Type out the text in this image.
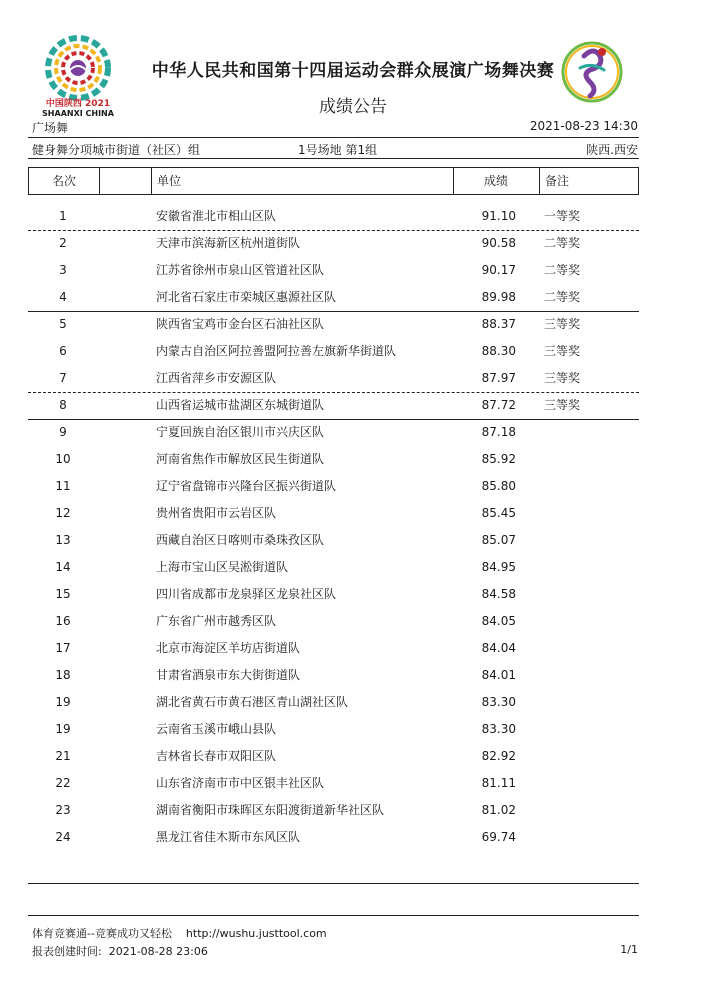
中国陕西 2021
SHAANXI CHINA
中华人民共和国第十四届运动会群众展演广场舞决赛
成绩公告
广场舞	2021-08-23 14:30
健身舞分项城市街道（社区）组	1号场地 第1组	陕西.西安
名次	单位	成绩	备注
1	安徽省淮北市相山区队	91.10 一等奖
2	天津市滨海新区杭州道街队	90.58 二等奖
3	江苏省徐州市泉山区管道社区队	90.17 二等奖
4	河北省石家庄市栾城区惠源社区队	89.98 二等奖
5	陕西省宝鸡市金台区石油社区队	88.37 三等奖
6	内蒙古自治区阿拉善盟阿拉善左旗新华街道队	88.30 三等奖
7	江西省萍乡市安源区队	87.97 三等奖
8	山西省运城市盐湖区东城街道队	87.72 三等奖
9	宁夏回族自治区银川市兴庆区队	87.18
10	河南省焦作市解放区民生街道队	85.92
11	辽宁省盘锦市兴隆台区振兴街道队	85.80
12	贵州省贵阳市云岩区队	85.45
13	西藏自治区日喀则市桑珠孜区队	85.07
14	上海市宝山区吴淞街道队	84.95
15	四川省成都市龙泉驿区龙泉社区队	84.58
16	广东省广州市越秀区队	84.05
17	北京市海淀区羊坊店街道队	84.04
18	甘肃省酒泉市东大街街道队	84.01
19	湖北省黄石市黄石港区青山湖社区队	83.30
19	云南省玉溪市峨山县队	83.30
21	吉林省长春市双阳区队	82.92
22	山东省济南市市中区银丰社区队	81.11
23	湖南省衡阳市珠晖区东阳渡街道新华社区队	81.02
24	黑龙江省佳木斯市东风区队	69.74
体育竞赛通--竞赛成功又轻松    http://wushu.justtool.com
报表创建时间:  2021-08-28 23:06	1/1
